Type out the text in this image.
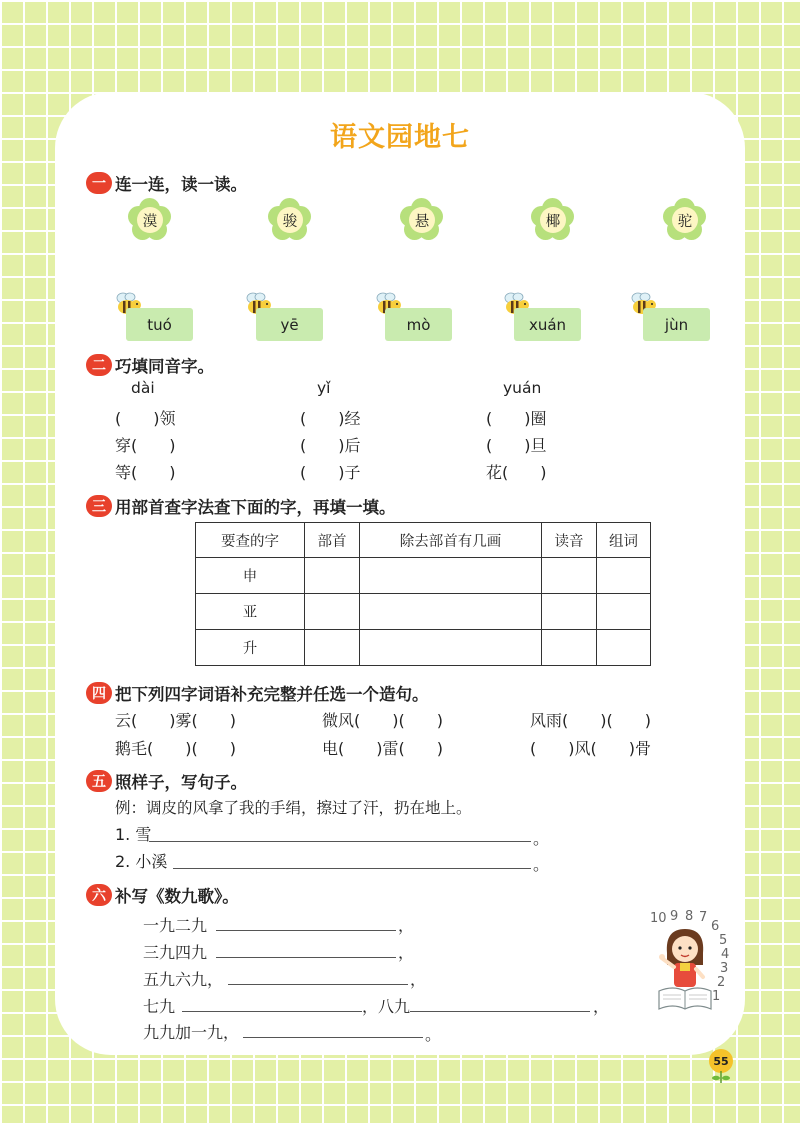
语文园地七
一 连一连，读一读。
漠	骏	悬	椰	驼
tuó	yē	mò	xuán	jùn
二 巧填同音字。
dài	yǐ	yuán
(　　)领	(　　)经	(　　)圈
穿(　　)	(　　)后	(　　)旦
等(　　)	(　　)子	花(　　)
三 用部首查字法查下面的字，再填一填。
要查的字	部首	除去部首有几画	读音	组词
申				
亚				
升				
四 把下列四字词语补充完整并任选一个造句。
云(　　)雾(　　)	微风(　　)(　　)	风雨(　　)(　　)
鹅毛(　　)(　　)	电(　　)雷(　　)	(　　)风(　　)骨
五 照样子，写句子。
例：调皮的风拿了我的手绢，擦过了汗，扔在地上。
1. 雪	。
2. 小溪	。
六 补写《数九歌》。
一九二九	，
三九四九	，
五九六九，	，
七九	，八九	，
九九加一九，	。
10 9 8 7
6
5
4
3
2
1
55
